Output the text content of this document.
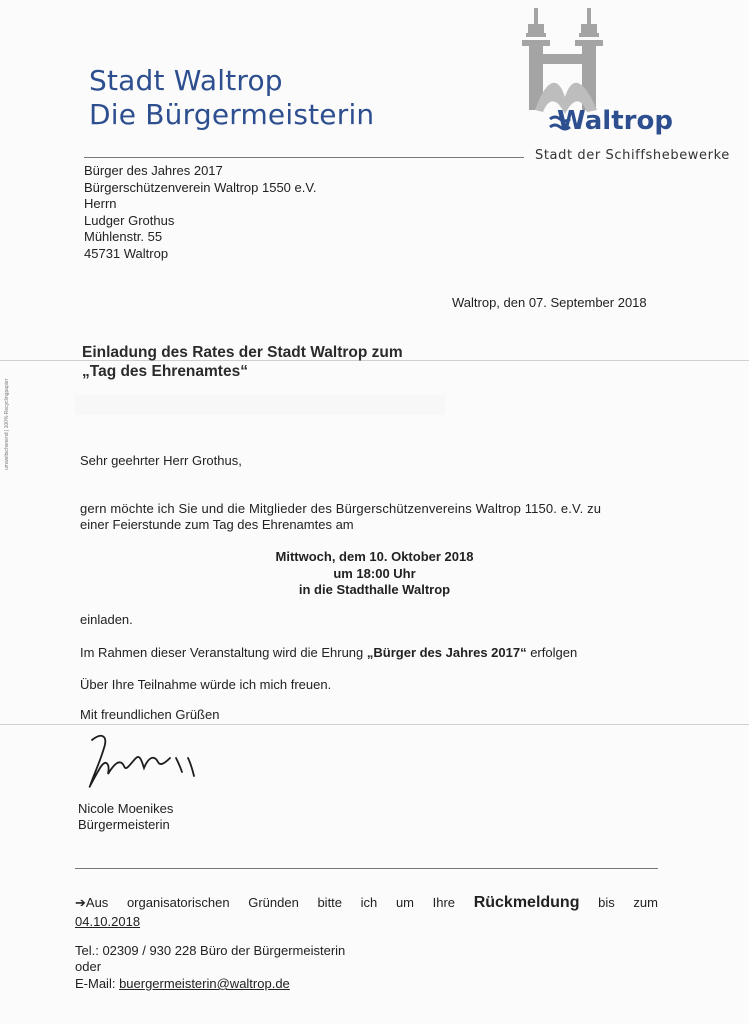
umweltschonend | 100% Recyclingpapier
Stadt Waltrop
Die Bürgermeisterin	Waltrop
Stadt der Schiffshebewerke
Bürger des Jahres 2017
Bürgerschützenverein Waltrop 1550 e.V.
Herrn
Ludger Grothus
Mühlenstr. 55
45731 Waltrop
Waltrop, den 07. September 2018
Einladung des Rates der Stadt Waltrop zum
„Tag des Ehrenamtes“
Sehr geehrter Herr Grothus,
gern möchte ich Sie und die Mitglieder des Bürgerschützenvereins Waltrop 1150. e.V. zu
einer Feierstunde zum Tag des Ehrenamtes am
Mittwoch, dem 10. Oktober 2018
um 18:00 Uhr
in die Stadthalle Waltrop
einladen.
Im Rahmen dieser Veranstaltung wird die Ehrung „Bürger des Jahres 2017“ erfolgen
Über Ihre Teilnahme würde ich mich freuen.
Mit freundlichen Grüßen
Nicole Moenikes
Bürgermeisterin
➔Aus organisatorischen Gründen bitte ich um Ihre Rückmeldung bis zum
04.10.2018
Tel.: 02309 / 930 228 Büro der Bürgermeisterin
oder
E-Mail: buergermeisterin@waltrop.de
